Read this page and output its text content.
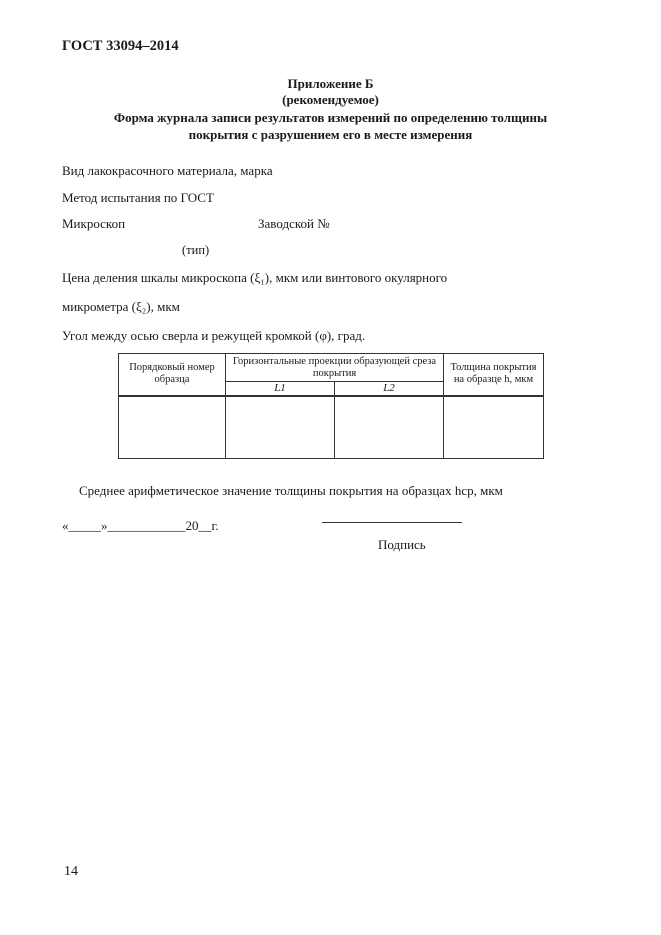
ГОСТ 33094–2014
Приложение Б
(рекомендуемое)
Форма журнала записи результатов измерений по определению толщины
покрытия с разрушением его в месте измерения
Вид лакокрасочного материала, марка
Метод испытания по ГОСТ
Микроскоп	Заводской №
(тип)
Цена деления шкалы микроскопа (ξ₁), мкм или винтового окулярного
микрометра (ξ₂), мкм
Угол между осью сверла и режущей кромкой (φ), град.
Порядковый номер образца	Горизонтальные проекции образующей среза покрытия		Толщина покрытия на образце h, мкм
	L1	L2	

Среднее арифметическое значение толщины покрытия на образцах hср, мкм
«_____»____________20__г.
Подпись
14
